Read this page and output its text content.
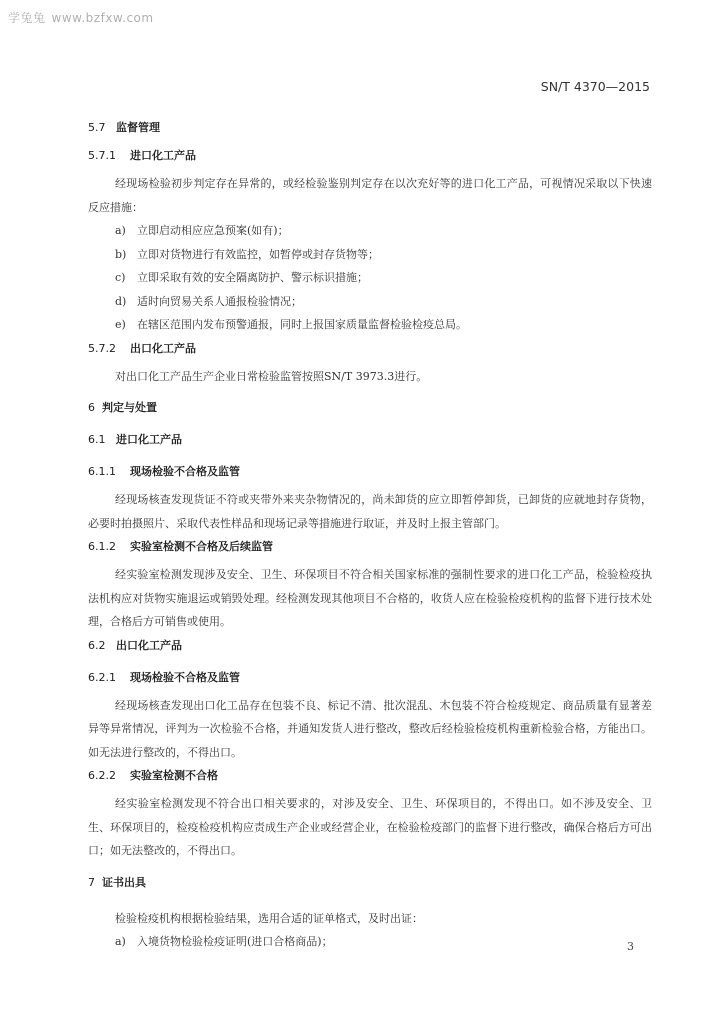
学兔兔 www.bzfxw.com
SN/T 4370—2015
5.7 监督管理
5.7.1 进口化工产品

经现场检验初步判定存在异常的，或经检验鉴别判定存在以次充好等的进口化工产品，可视情况采取以下快速反应措施：

a) 立即启动相应应急预案(如有)；
b) 立即对货物进行有效监控，如暂停或封存货物等；
c) 立即采取有效的安全隔离防护、警示标识措施；
d) 适时向贸易关系人通报检验情况；
e) 在辖区范围内发布预警通报，同时上报国家质量监督检验检疫总局。
5.7.2 出口化工产品

对出口化工产品生产企业日常检验监管按照SN/T 3973.3进行。

6 判定与处置
6.1 进口化工产品
6.1.1 现场检验不合格及监管

经现场核查发现货证不符或夹带外来夹杂物情况的，尚未卸货的应立即暂停卸货，已卸货的应就地封存货物，必要时拍摄照片、采取代表性样品和现场记录等措施进行取证，并及时上报主管部门。

6.1.2 实验室检测不合格及后续监管

经实验室检测发现涉及安全、卫生、环保项目不符合相关国家标准的强制性要求的进口化工产品，检验检疫执法机构应对货物实施退运或销毁处理。经检测发现其他项目不合格的，收货人应在检验检疫机构的监督下进行技术处理，合格后方可销售或使用。

6.2 出口化工产品
6.2.1 现场检验不合格及监管

经现场核查发现出口化工品存在包装不良、标记不清、批次混乱、木包装不符合检疫规定、商品质量有显著差异等异常情况，评判为一次检验不合格，并通知发货人进行整改，整改后经检验检疫机构重新检验合格，方能出口。如无法进行整改的，不得出口。

6.2.2 实验室检测不合格

经实验室检测发现不符合出口相关要求的，对涉及安全、卫生、环保项目的，不得出口。如不涉及安全、卫生、环保项目的，检疫检疫机构应责成生产企业或经营企业，在检验检疫部门的监督下进行整改，确保合格后方可出口；如无法整改的，不得出口。

7 证书出具

检验检疫机构根据检验结果，选用合适的证单格式，及时出证：

a) 入境货物检验检疫证明(进口合格商品)；	3
